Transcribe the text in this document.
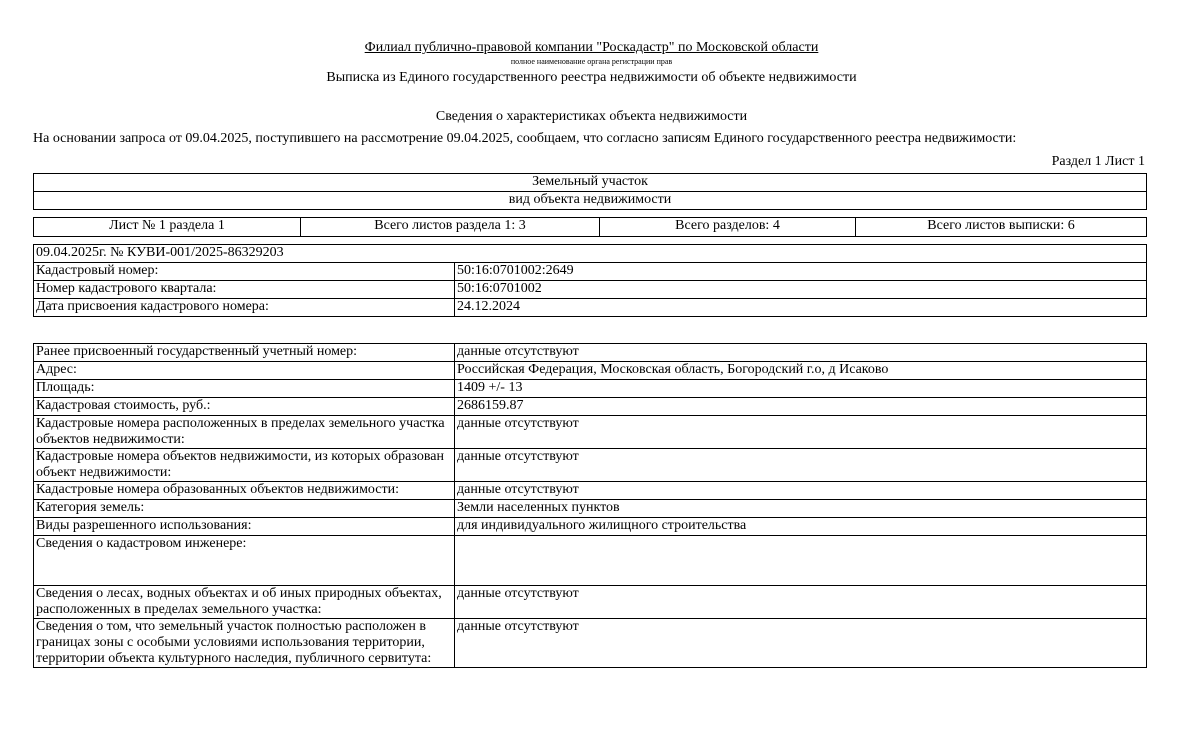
Филиал публично-правовой компании "Роскадастр" по Московской области
полное наименование органа регистрации прав
Выписка из Единого государственного реестра недвижимости об объекте недвижимости
Сведения о характеристиках объекта недвижимости
На основании запроса от 09.04.2025, поступившего на рассмотрение 09.04.2025, сообщаем, что согласно записям Единого государственного реестра недвижимости:
Раздел 1 Лист 1
Земельный участок
вид объекта недвижимости
Лист № 1 раздела 1	Всего листов раздела 1: 3	Всего разделов: 4	Всего листов выписки: 6
09.04.2025г. № КУВИ-001/2025-86329203	
Кадастровый номер:	50:16:0701002:2649
Номер кадастрового квартала:	50:16:0701002
Дата присвоения кадастрового номера:	24.12.2024
Ранее присвоенный государственный учетный номер:	данные отсутствуют
Адрес:	Российская Федерация, Московская область, Богородский г.о, д Исаково
Площадь:	1409 +/- 13
Кадастровая стоимость, руб.:	2686159.87
Кадастровые номера расположенных в пределах земельного участка объектов недвижимости:	данные отсутствуют
Кадастровые номера объектов недвижимости, из которых образован объект недвижимости:	данные отсутствуют
Кадастровые номера образованных объектов недвижимости:	данные отсутствуют
Категория земель:	Земли населенных пунктов
Виды разрешенного использования:	для индивидуального жилищного строительства
Сведения о кадастровом инженере:	
Сведения о лесах, водных объектах и об иных природных объектах, расположенных в пределах земельного участка:	данные отсутствуют
Сведения о том, что земельный участок полностью расположен в границах зоны с особыми условиями использования территории, территории объекта культурного наследия, публичного сервитута:	данные отсутствуют
